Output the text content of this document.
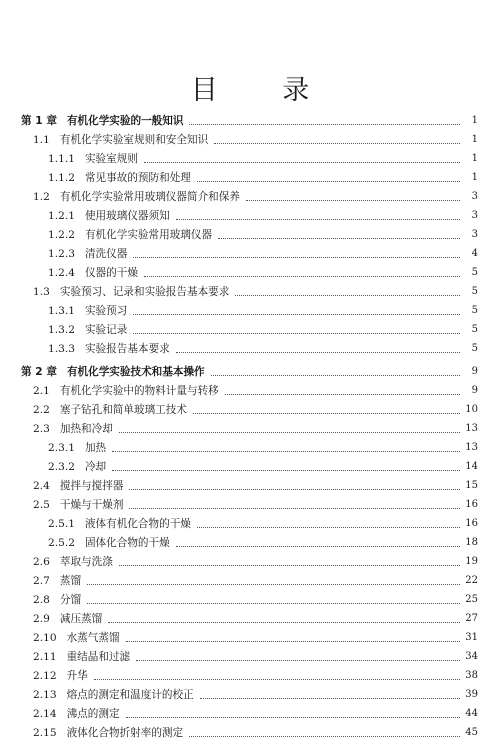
目 录
第 1 章 有机化学实验的一般知识	1
1.1 有机化学实验室规则和安全知识	1
1.1.1 实验室规则	1
1.1.2 常见事故的预防和处理	1
1.2 有机化学实验常用玻璃仪器简介和保养	3
1.2.1 使用玻璃仪器须知	3
1.2.2 有机化学实验常用玻璃仪器	3
1.2.3 清洗仪器	4
1.2.4 仪器的干燥	5
1.3 实验预习、记录和实验报告基本要求	5
1.3.1 实验预习	5
1.3.2 实验记录	5
1.3.3 实验报告基本要求	5
第 2 章 有机化学实验技术和基本操作	9
2.1 有机化学实验中的物料计量与转移	9
2.2 塞子钻孔和简单玻璃工技术	10
2.3 加热和冷却	13
2.3.1 加热	13
2.3.2 冷却	14
2.4 搅拌与搅拌器	15
2.5 干燥与干燥剂	16
2.5.1 液体有机化合物的干燥	16
2.5.2 固体化合物的干燥	18
2.6 萃取与洗涤	19
2.7 蒸馏	22
2.8 分馏	25
2.9 减压蒸馏	27
2.10 水蒸气蒸馏	31
2.11 重结晶和过滤	34
2.12 升华	38
2.13 熔点的测定和温度计的校正	39
2.14 沸点的测定	44
2.15 液体化合物折射率的测定	45
